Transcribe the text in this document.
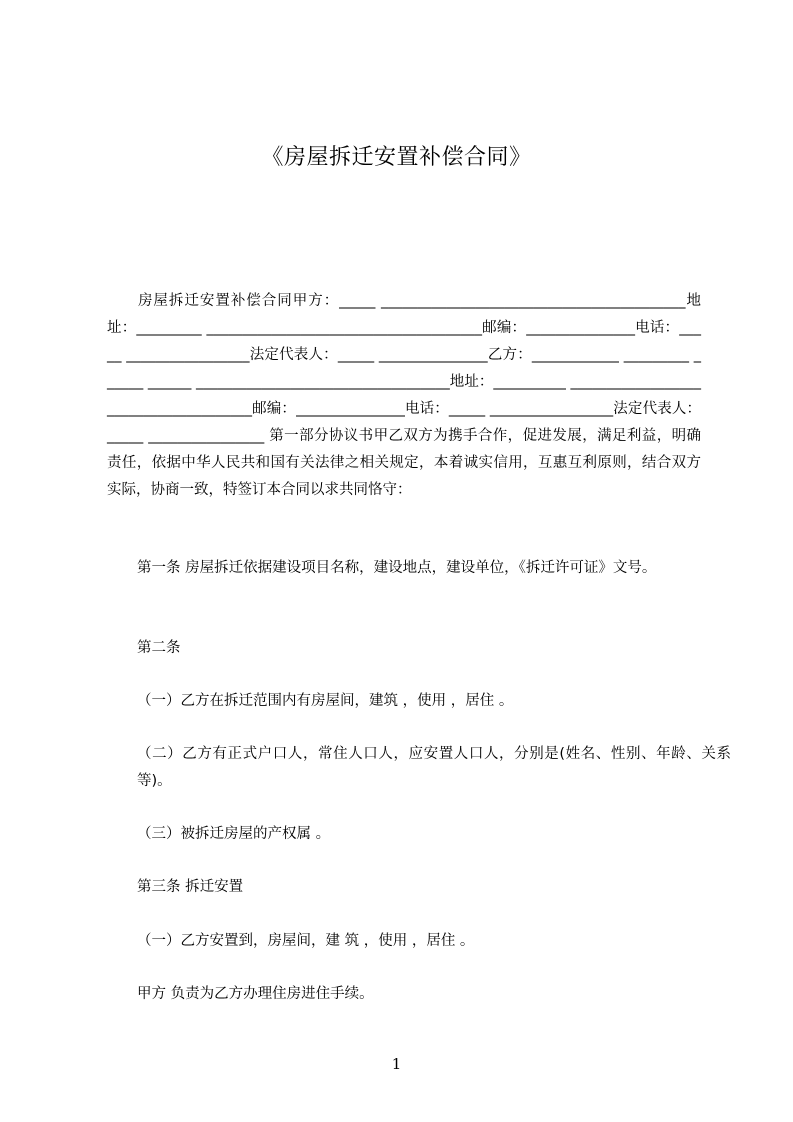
《房屋拆迁安置补偿合同》
　　房屋拆迁安置补偿合同甲方：_____ __________________________________________地址：_________ ______________________________________邮编：_______________电话：_____ _________________法定代表人：_____ _______________乙方：____________ _________ ______ ______ ___________________________________地址：__________ ______________________________________邮编：_______________电话：_____ _________________法定代表人：_____ ________________ 第一部分协议书甲乙双方为携手合作，促进发展，满足利益，明确责任，依据中华人民共和国有关法律之相关规定，本着诚实信用，互惠互利原则，结合双方实际，协商一致，特签订本合同以求共同恪守：
第一条 房屋拆迁依据建设项目名称，建设地点，建设单位，《拆迁许可证》文号。
第二条
（一）乙方在拆迁范围内有房屋间，建筑 ，使用 ，居住 。
（二）乙方有正式户口人，常住人口人，应安置人口人，分别是(姓名、性别、年龄、关系等)。
（三）被拆迁房屋的产权属 。
第三条 拆迁安置
（一）乙方安置到，房屋间，建 筑 ，使用 ，居住 。
甲方 负责为乙方办理住房进住手续。
1
